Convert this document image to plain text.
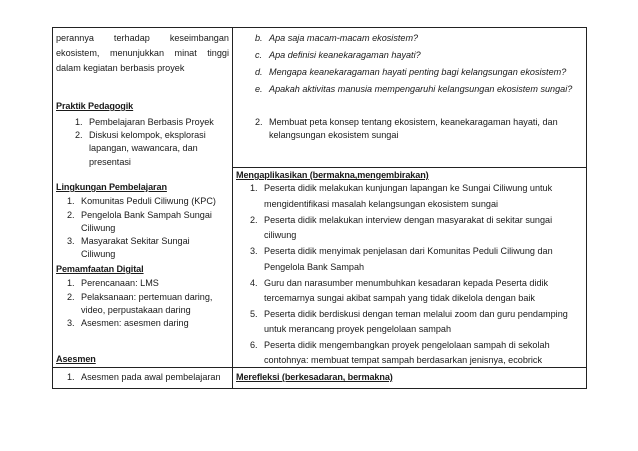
perannya terhadap keseimbangan
ekosistem, menunjukkan minat tinggi
dalam kegiatan berbasis proyek
Praktik Pedagogik
1. Pembelajaran Berbasis Proyek
2. Diskusi kelompok, eksplorasi
lapangan, wawancara, dan
presentasi
Lingkungan Pembelajaran
1. Komunitas Peduli Ciliwung (KPC)
2. Pengelola Bank Sampah Sungai
Ciliwung
3. Masyarakat Sekitar Sungai
Ciliwung
Pemamfaatan Digital
1. Perencanaan: LMS
2. Pelaksanaan: pertemuan daring,
video, perpustakaan daring
3. Asesmen: asesmen daring
Asesmen
1. Asesmen pada awal pembelajaran
b. Apa saja macam-macam ekosistem?
c. Apa definisi keanekaragaman hayati?
d. Mengapa keanekaragaman hayati penting bagi kelangsungan ekosistem?
e. Apakah aktivitas manusia mempengaruhi kelangsungan ekosistem sungai?
2. Membuat peta konsep tentang ekosistem, keanekaragaman hayati, dan
kelangsungan ekosistem sungai
Mengaplikasikan (bermakna,mengembirakan)
1. Peserta didik melakukan kunjungan lapangan ke Sungai Ciliwung untuk
mengidentifikasi masalah kelangsungan ekosistem sungai
2. Peserta didik melakukan interview dengan masyarakat di sekitar sungai
ciliwung
3. Peserta didik menyimak penjelasan dari Komunitas Peduli Ciliwung dan
Pengelola Bank Sampah
4. Guru dan narasumber menumbuhkan kesadaran kepada Peserta didik
tercemarnya sungai akibat sampah yang tidak dikelola dengan baik
5. Peserta didik berdiskusi dengan teman melalui zoom dan guru pendamping
untuk merancang proyek pengelolaan sampah
6. Peserta didik mengembangkan proyek pengelolaan sampah di sekolah
contohnya: membuat tempat sampah berdasarkan jenisnya, ecobrick
Merefleksi (berkesadaran, bermakna)
